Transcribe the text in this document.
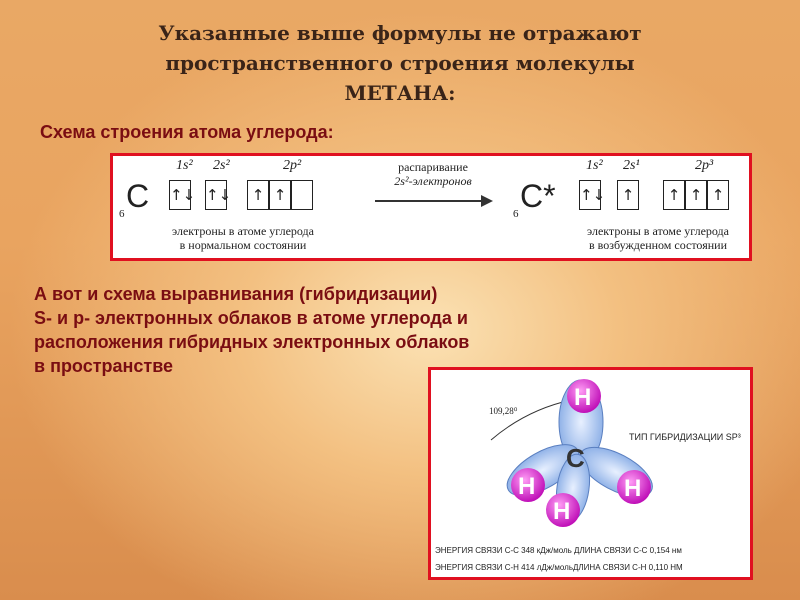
Указанные выше формулы не отражают
пространственного строения молекулы
МЕТАНА:
Схема строения атома углерода:
6 C
1s² 2s²	2p²
↑↓ ↑↓	↑ ↑
электроны в атоме углерода
в нормальном состоянии
распаривание
2s²-электронов
6 C*
1s² 2s¹	2p³
↑↓	↑	↑ ↑ ↑
электроны в атоме углерода
в возбужденном состоянии
А вот и схема выравнивания (гибридизации)
S- и р- электронных облаков в атоме углерода и
расположения гибридных электронных облаков
в пространстве
C
H
H	H
H
109,28⁰
ТИП ГИБРИДИЗАЦИИ SP³
ЭНЕРГИЯ СВЯЗИ С-С 348 кДж/моль ДЛИНА СВЯЗИ С-С 0,154 нм
ЭНЕРГИЯ СВЯЗИ С-Н 414 лДж/мольДЛИНА СВЯЗИ С-Н 0,110 НМ
